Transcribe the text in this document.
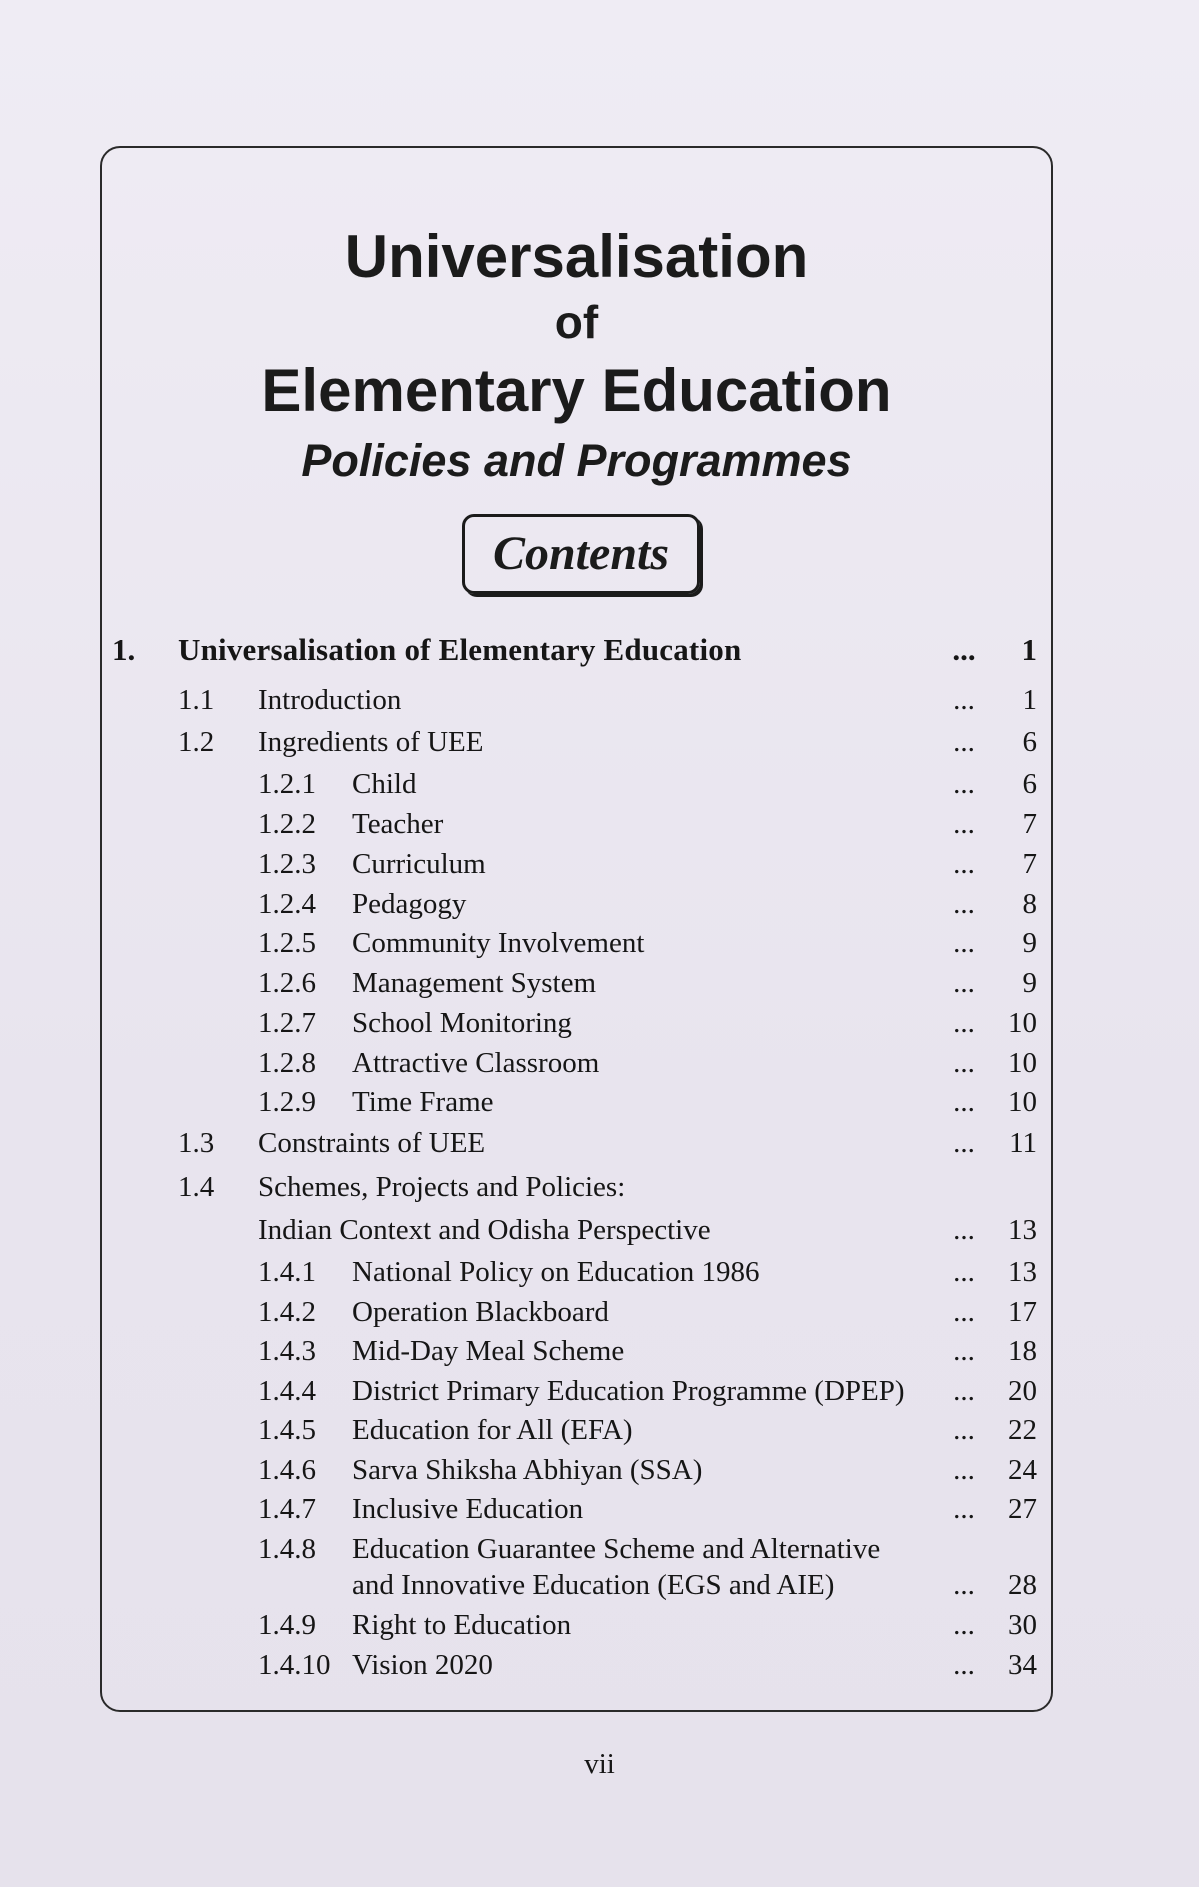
Universalisation
of
Elementary Education
Policies and Programmes
Contents
1. Universalisation of Elementary Education	...	1
1.1 Introduction	...	1
1.2 Ingredients of UEE	...	6
1.2.1 Child	...	6
1.2.2 Teacher	...	7
1.2.3 Curriculum	...	7
1.2.4 Pedagogy	...	8
1.2.5 Community Involvement	...	9
1.2.6 Management System	...	9
1.2.7 School Monitoring	...	10
1.2.8 Attractive Classroom	...	10
1.2.9 Time Frame	...	10
1.3 Constraints of UEE	...	11
1.4 Schemes, Projects and Policies:
Indian Context and Odisha Perspective	...	13
1.4.1 National Policy on Education 1986	...	13
1.4.2 Operation Blackboard	...	17
1.4.3 Mid-Day Meal Scheme	...	18
1.4.4 District Primary Education Programme (DPEP)	...	20
1.4.5 Education for All (EFA)	...	22
1.4.6 Sarva Shiksha Abhiyan (SSA)	...	24
1.4.7 Inclusive Education	...	27
1.4.8 Education Guarantee Scheme and Alternative
and Innovative Education (EGS and AIE)	...	28
1.4.9 Right to Education	...	30
1.4.10 Vision 2020	...	34
vii
